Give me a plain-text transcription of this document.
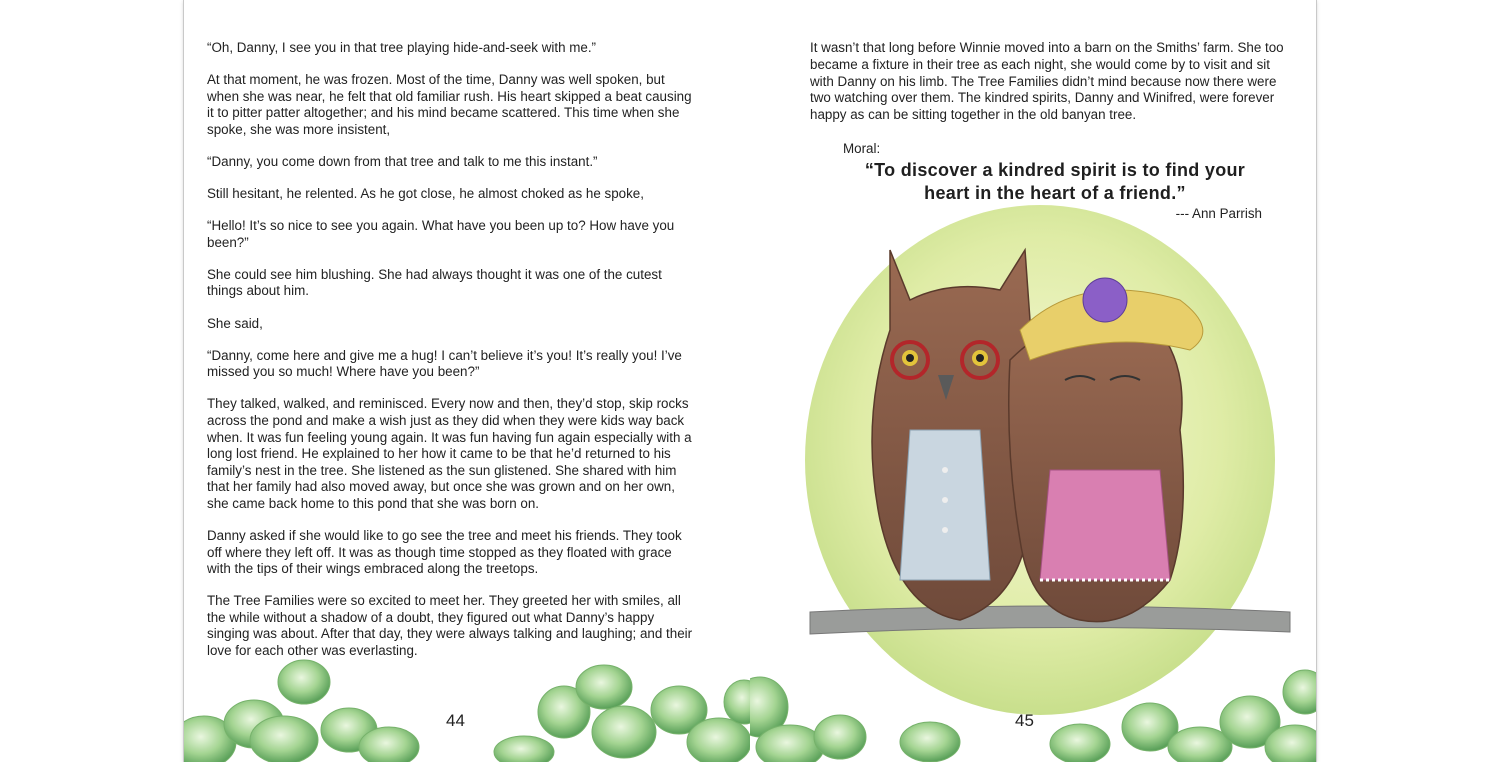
“Oh, Danny, I see you in that tree playing hide-and-seek with me.”

At that moment, he was frozen. Most of the time, Danny was well spoken, but when she was near, he felt that old familiar rush. His heart skipped a beat causing it to pitter patter altogether; and his mind became scattered. This time when she spoke, she was more insistent,

“Danny, you come down from that tree and talk to me this instant.”

Still hesitant, he relented. As he got close, he almost choked as he spoke,

“Hello! It’s so nice to see you again. What have you been up to? How have you been?”

She could see him blushing. She had always thought it was one of the cutest things about him.

She said,

“Danny, come here and give me a hug! I can’t believe it’s you! It’s really you! I’ve missed you so much! Where have you been?”

They talked, walked, and reminisced. Every now and then, they’d stop, skip rocks across the pond and make a wish just as they did when they were kids way back when. It was fun feeling young again. It was fun having fun again especially with a long lost friend. He explained to her how it came to be that he’d returned to his family’s nest in the tree. She listened as the sun glistened. She shared with him that her family had also moved away, but once she was grown and on her own, she came back home to this pond that she was born on.

Danny asked if she would like to go see the tree and meet his friends. They took off where they left off. It was as though time stopped as they floated with grace with the tips of their wings embraced along the treetops.

The Tree Families were so excited to meet her. They greeted her with smiles, all the while without a shadow of a doubt, they figured out what Danny’s happy singing was about. After that day, they were always talking and laughing; and their love for each other was everlasting.

44

It wasn’t that long before Winnie moved into a barn on the Smiths’ farm. She too became a fixture in their tree as each night, she would come by to visit and sit with Danny on his limb. The Tree Families didn’t mind because now there were two watching over them. The kindred spirits, Danny and Winifred, were forever happy as can be sitting together in the old banyan tree.

Moral:
“To discover a kindred spirit is to find your heart in the heart of a friend.”
--- Ann Parrish
45
